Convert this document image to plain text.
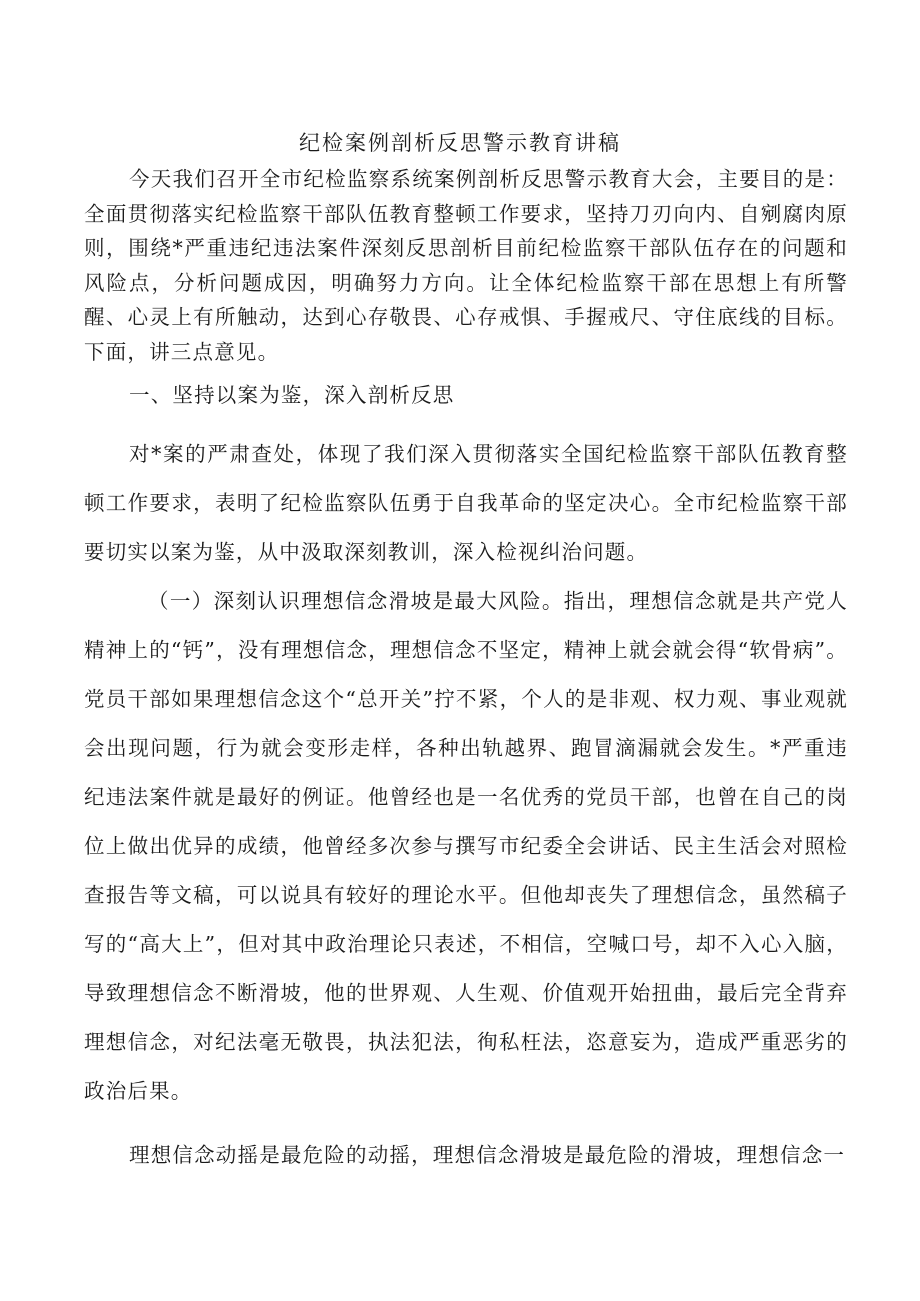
纪检案例剖析反思警示教育讲稿

今天我们召开全市纪检监察系统案例剖析反思警示教育大会，主要目的是：全面贯彻落实纪检监察干部队伍教育整顿工作要求，坚持刀刃向内、自剜腐肉原则，围绕*严重违纪违法案件深刻反思剖析目前纪检监察干部队伍存在的问题和风险点，分析问题成因，明确努力方向。让全体纪检监察干部在思想上有所警醒、心灵上有所触动，达到心存敬畏、心存戒惧、手握戒尺、守住底线的目标。下面，讲三点意见。

一、坚持以案为鉴，深入剖析反思

对*案的严肃查处，体现了我们深入贯彻落实全国纪检监察干部队伍教育整顿工作要求，表明了纪检监察队伍勇于自我革命的坚定决心。全市纪检监察干部要切实以案为鉴，从中汲取深刻教训，深入检视纠治问题。

（一）深刻认识理想信念滑坡是最大风险。指出，理想信念就是共产党人精神上的“钙”，没有理想信念，理想信念不坚定，精神上就会就会得“软骨病”。党员干部如果理想信念这个“总开关”拧不紧，个人的是非观、权力观、事业观就会出现问题，行为就会变形走样，各种出轨越界、跑冒滴漏就会发生。*严重违纪违法案件就是最好的例证。他曾经也是一名优秀的党员干部，也曾在自己的岗位上做出优异的成绩，他曾经多次参与撰写市纪委全会讲话、民主生活会对照检查报告等文稿，可以说具有较好的理论水平。但他却丧失了理想信念，虽然稿子写的“高大上”，但对其中政治理论只表述，不相信，空喊口号，却不入心入脑，导致理想信念不断滑坡，他的世界观、人生观、价值观开始扭曲，最后完全背弃理想信念，对纪法毫无敬畏，执法犯法，徇私枉法，恣意妄为，造成严重恶劣的政治后果。

理想信念动摇是最危险的动摇，理想信念滑坡是最危险的滑坡，理想信念一
